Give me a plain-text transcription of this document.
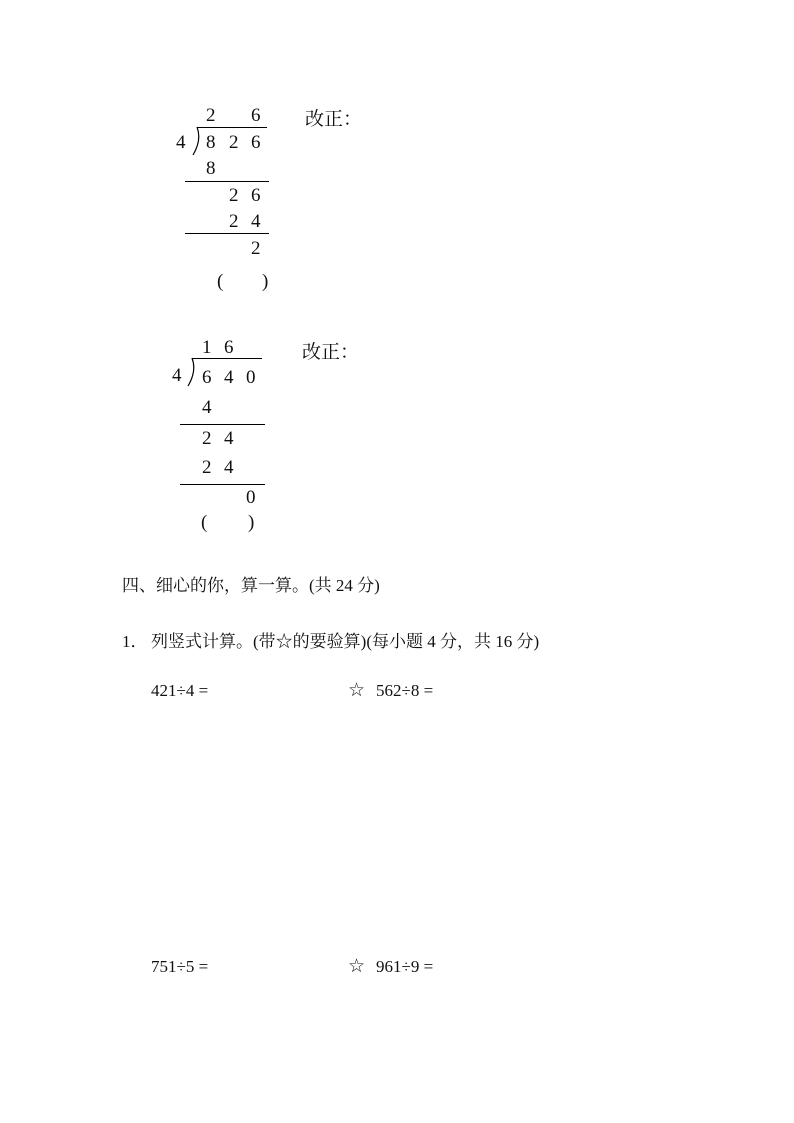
2 6
4 8 2 6
8
2 6
2 4
2
( )
改正：
1 6
4 6 4 0
4
2 4
2 4
0
( )
改正：
四、细心的你，算一算。(共 24 分)
1． 列竖式计算。(带☆的要验算)(每小题 4 分，共 16 分)
421÷4 =	☆ 562÷8 =
751÷5 =	☆ 961÷9 =
